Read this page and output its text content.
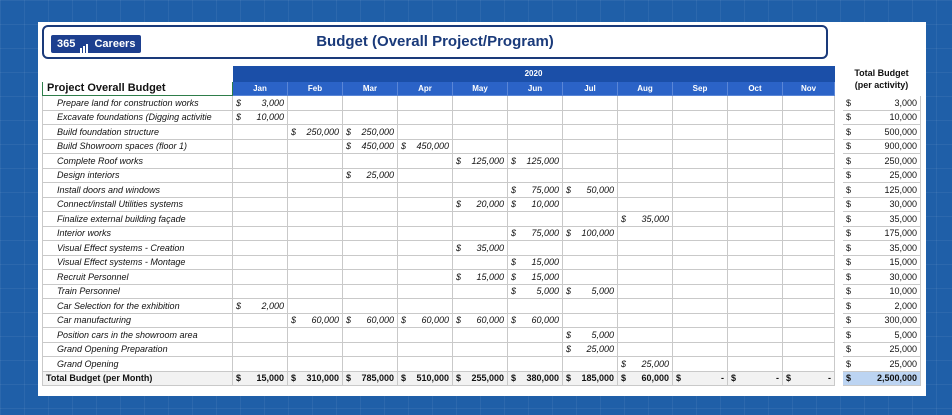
365 Careers	Budget (Overall Project/Program)
	2020												Total Budget (per activity)
Project Overall Budget	Jan	Feb	Mar	Apr	May	Jun	Jul	Aug	Sep	Oct	Nov		
Prepare land for construction works	$ 3,000												$ 3,000

Excavate foundations (Digging activitie	$ 10,000												$ 10,000

Build foundation structure		$ 250,000	$ 250,000										$ 500,000

Build Showroom spaces (floor 1)			$ 450,000	$ 450,000									$ 900,000

Complete Roof works					$ 125,000	$ 125,000							$ 250,000

Design interiors			$ 25,000										$ 25,000

Install doors and windows						$ 75,000	$ 50,000						$ 125,000

Connect/install Utilities systems					$ 20,000	$ 10,000							$ 30,000

Finalize external building façade								$ 35,000					$ 35,000

Interior works						$ 75,000	$ 100,000						$ 175,000

Visual Effect systems - Creation					$ 35,000								$ 35,000

Visual Effect systems - Montage						$ 15,000							$ 15,000

Recruit Personnel					$ 15,000	$ 15,000							$ 30,000

Train Personnel						$ 5,000	$ 5,000						$ 10,000

Car Selection for the exhibition	$ 2,000												$ 2,000

Car manufacturing		$ 60,000	$ 60,000	$ 60,000	$ 60,000	$ 60,000							$ 300,000

Position cars in the showroom area							$ 5,000						$ 5,000

Grand Opening Preparation							$ 25,000						$ 25,000

Grand Opening								$ 25,000					$ 25,000

Total Budget (per Month)	$ 15,000	$ 310,000	$ 785,000	$ 510,000	$ 255,000	$ 380,000	$ 185,000	$ 60,000	$ -	$ -	$ -		$ 2,500,000
